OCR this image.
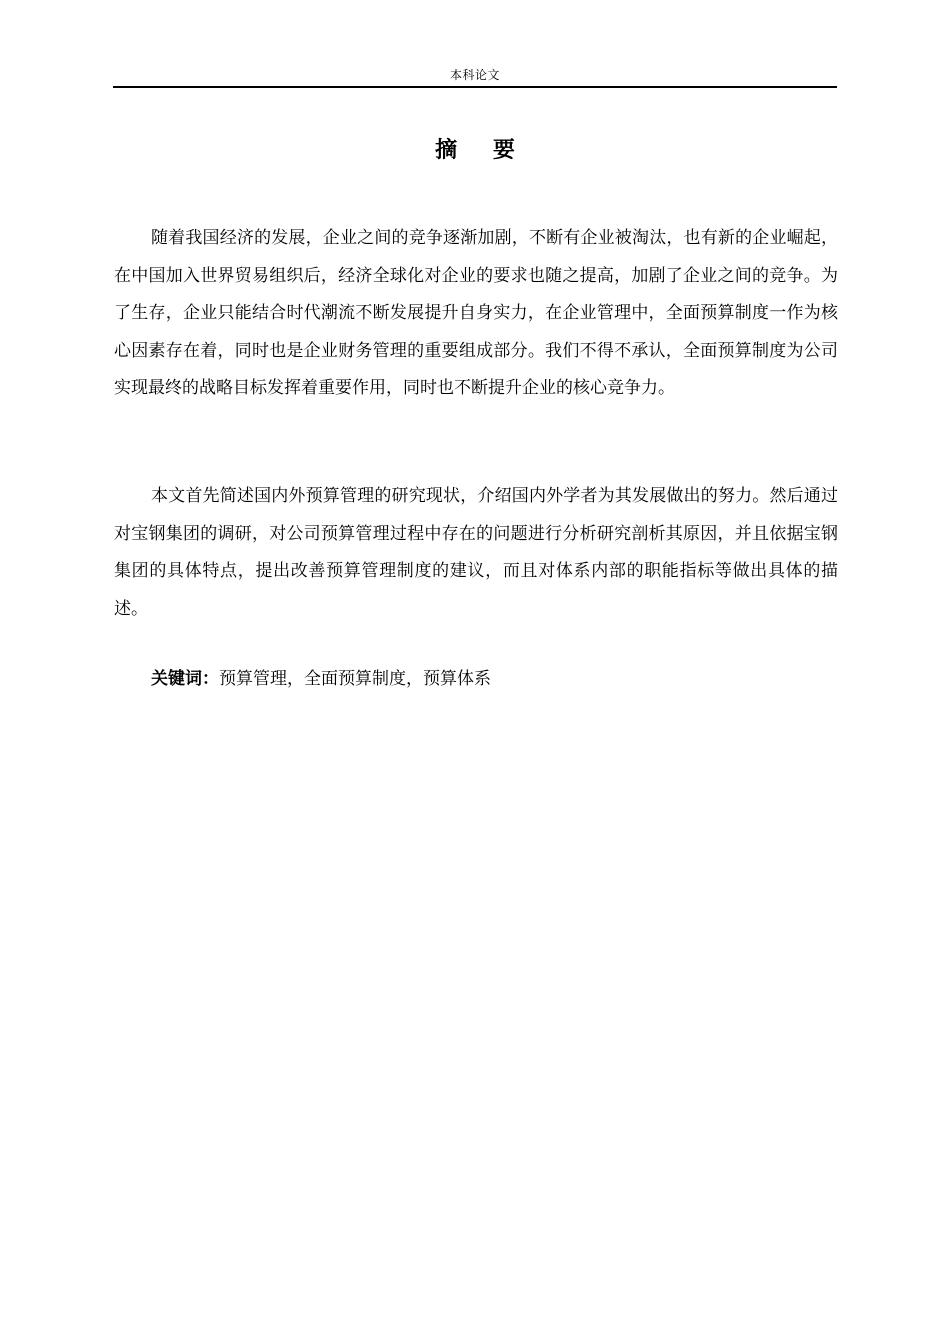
本科论文
摘 要

随着我国经济的发展，企业之间的竞争逐渐加剧，不断有企业被淘汰，也有新的企业崛起，在中国加入世界贸易组织后，经济全球化对企业的要求也随之提高，加剧了企业之间的竞争。为了生存，企业只能结合时代潮流不断发展提升自身实力，在企业管理中，全面预算制度一作为核心因素存在着，同时也是企业财务管理的重要组成部分。我们不得不承认，全面预算制度为公司实现最终的战略目标发挥着重要作用，同时也不断提升企业的核心竞争力。

本文首先简述国内外预算管理的研究现状，介绍国内外学者为其发展做出的努力。然后通过对宝钢集团的调研，对公司预算管理过程中存在的问题进行分析研究剖析其原因，并且依据宝钢集团的具体特点，提出改善预算管理制度的建议，而且对体系内部的职能指标等做出具体的描述。

关键词：预算管理，全面预算制度，预算体系
